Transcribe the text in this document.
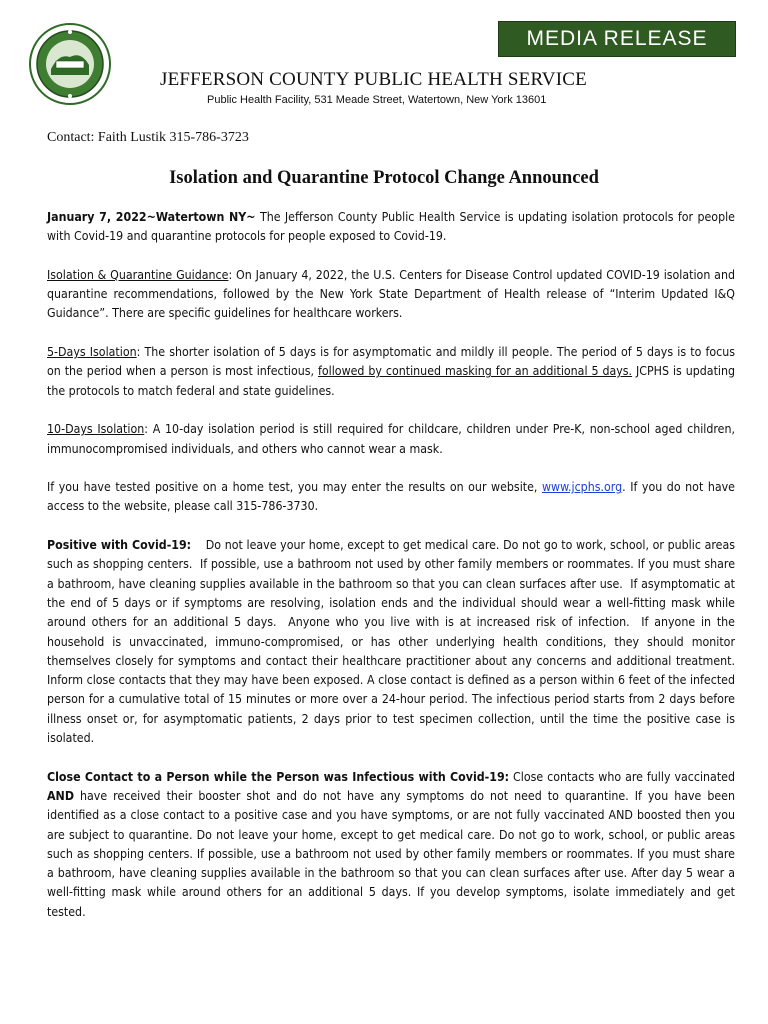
MEDIA RELEASE
JEFFERSON COUNTY PUBLIC HEALTH SERVICE
Public Health Facility, 531 Meade Street, Watertown, New York 13601
Contact: Faith Lustik 315-786-3723
Isolation and Quarantine Protocol Change Announced

January 7, 2022~Watertown NY~ The Jefferson County Public Health Service is updating isolation protocols for people with Covid-19 and quarantine protocols for people exposed to Covid-19.

Isolation & Quarantine Guidance: On January 4, 2022, the U.S. Centers for Disease Control updated COVID-19 isolation and quarantine recommendations, followed by the New York State Department of Health release of “Interim Updated I&Q Guidance”. There are specific guidelines for healthcare workers.

5-Days Isolation: The shorter isolation of 5 days is for asymptomatic and mildly ill people. The period of 5 days is to focus on the period when a person is most infectious, followed by continued masking for an additional 5 days. JCPHS is updating the protocols to match federal and state guidelines.

10-Days Isolation: A 10-day isolation period is still required for childcare, children under Pre-K, non-school aged children, immunocompromised individuals, and others who cannot wear a mask.

If you have tested positive on a home test, you may enter the results on our website, www.jcphs.org. If you do not have access to the website, please call 315-786-3730.

Positive with Covid-19:    Do not leave your home, except to get medical care. Do not go to work, school, or public areas such as shopping centers.  If possible, use a bathroom not used by other family members or roommates. If you must share a bathroom, have cleaning supplies available in the bathroom so that you can clean surfaces after use.  If asymptomatic at the end of 5 days or if symptoms are resolving, isolation ends and the individual should wear a well-fitting mask while around others for an additional 5 days.  Anyone who you live with is at increased risk of infection.  If anyone in the household is unvaccinated, immuno-compromised, or has other underlying health conditions, they should monitor themselves closely for symptoms and contact their healthcare practitioner about any concerns and additional treatment.  Inform close contacts that they may have been exposed. A close contact is defined as a person within 6 feet of the infected person for a cumulative total of 15 minutes or more over a 24-hour period. The infectious period starts from 2 days before illness onset or, for asymptomatic patients, 2 days prior to test specimen collection, until the time the positive case is isolated.

Close Contact to a Person while the Person was Infectious with Covid-19: Close contacts who are fully vaccinated AND have received their booster shot and do not have any symptoms do not need to quarantine. If you have been identified as a close contact to a positive case and you have symptoms, or are not fully vaccinated AND boosted then you are subject to quarantine. Do not leave your home, except to get medical care. Do not go to work, school, or public areas such as shopping centers. If possible, use a bathroom not used by other family members or roommates. If you must share a bathroom, have cleaning supplies available in the bathroom so that you can clean surfaces after use. After day 5 wear a well-fitting mask while around others for an additional 5 days. If you develop symptoms, isolate immediately and get tested.
